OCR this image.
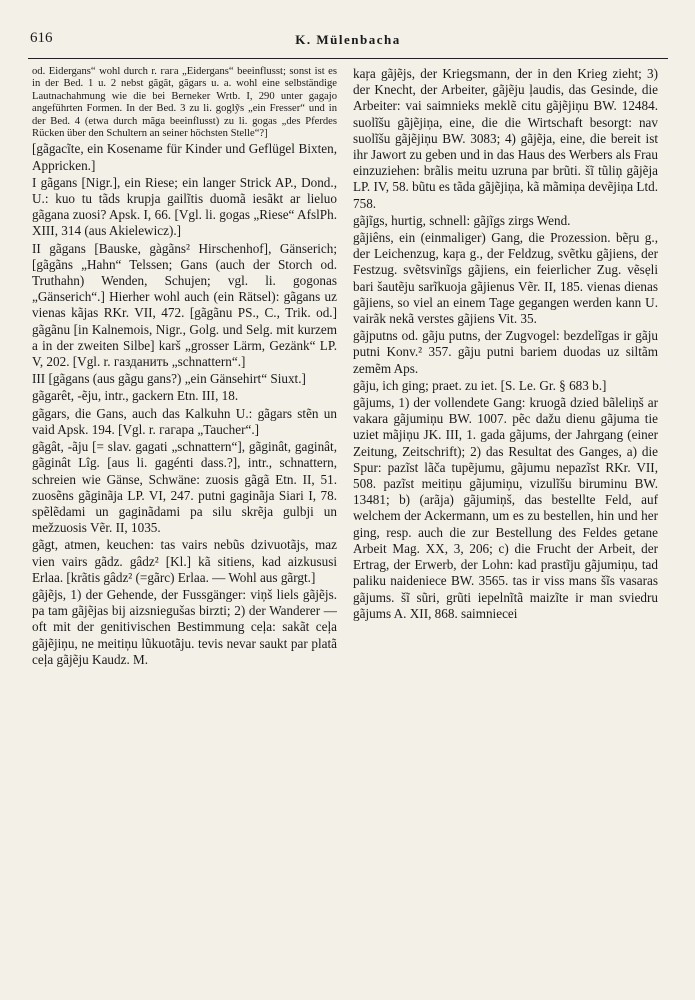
616	K. Mülenbacha

od. Eidergans“ wohl durch r. гага „Eidergans“ beeinflusst; sonst ist es in der Bed. 1 u. 2 nebst gãgãt, gãgars u. a. wohl eine selbständige Lautnachahmung wie die bei Berneker Wrtb. I, 290 unter gagajo angeführten Formen. In der Bed. 3 zu li. goglỹs „ein Fresser“ und in der Bed. 4 (etwa durch mãga beeinflusst) zu li. gogas „des Pferdes Rücken über den Schultern an seiner höchsten Stelle“?]

[gãgacĩte, ein Kosename für Kinder und Geflügel Bixten, Appricken.]

I gãgans [Nigr.], ein Riese; ein langer Strick AP., Dond., U.: kuo tu tãds krupja gailĩtis duomã iesãkt ar lieluo gãgana zuosi? Apsk. I, 66. [Vgl. li. gogas „Riese“ AfslPh. XIII, 314 (aus Akielewicz).]

II gãgans [Bauske, gàgãns² Hirschenhof], Gänserich; [gãgãns „Hahn“ Telssen; Gans (auch der Storch od. Truthahn) Wenden, Schujen; vgl. li. gogonas „Gänserich“.] Hierher wohl auch (ein Rätsel): gãgans uz vienas kãjas RKr. VII, 472. [gãgãnu PS., C., Trik. od.] gãgãnu [in Kalnemois, Nigr., Golg. und Selg. mit kurzem a in der zweiten Silbe] karš „grosser Lärm, Gezänk“ LP. V, 202. [Vgl. r. газданить „schnattern“.]

III [gãgans (aus gãgu gans?) „ein Gänsehirt“ Siuxt.]

gãgarêt, -ẽju, intr., gackern Etn. III, 18.

gãgars, die Gans, auch das Kalkuhn U.: gãgars stẽn un vaid Apsk. 194. [Vgl. r. гагара „Taucher“.]

gãgât, -ãju [= slav. gagati „schnattern“], gãginât, gaginât, gãginât Lîg. [aus li. gagénti dass.?], intr., schnattern, schreien wie Gänse, Schwäne: zuosis gãgã Etn. II, 51. zuosẽns gãginãja LP. VI, 247. putni gaginãja Siari I, 78. spẽlẽdami un gaginãdami pa silu skrẽja gulbji un mežzuosis Vẽr. II, 1035.

gãgt, atmen, keuchen: tas vairs nebũs dzivuotãjs, maz vien vairs gãdz. gâdz² [Kl.] kã sitiens, kad aizkususi Erlaa. [krãtis gâdz² (=gãrc) Erlaa. — Wohl aus gãrgt.]

gãjẽjs, 1) der Gehende, der Fussgänger: viņš liels gãjẽjs. pa tam gãjẽjas bij aizsniegušas birzti; 2) der Wanderer — oft mit der genitivischen Bestimmung ceļa: sakãt ceļa gãjẽjiņu, ne meitiņu lũkuotãju. tevis nevar saukt par platã ceļa gãjẽju Kaudz. M.

kaŗa gãjẽjs, der Kriegsmann, der in den Krieg zieht; 3) der Knecht, der Arbeiter, gãjẽju ļaudis, das Gesinde, die Arbeiter: vai saimnieks meklẽ citu gãjẽjiņu BW. 12484. suolĩšu gãjẽjiņa, eine, die die Wirtschaft besorgt: nav suolĩšu gãjẽjiņu BW. 3083; 4) gãjẽja, eine, die bereit ist ihr Jawort zu geben und in das Haus des Werbers als Frau einzuziehen: brãlis meitu uzruna par brũti. šĩ tũliņ gãjẽja LP. IV, 58. bũtu es tãda gãjẽjiņa, kã mãmiņa devẽjiņa Ltd. 758.

gãjĩgs, hurtig, schnell: gãjĩgs zirgs Wend.

gãjiêns, ein (einmaliger) Gang, die Prozession. bẽŗu g., der Leichenzug, kaŗa g., der Feldzug, svẽtku gãjiens, der Festzug. svẽtsvinĩgs gãjiens, ein feierlicher Zug. vẽsẹli bari šautẽju sarĩkuoja gãjienus Vẽr. II, 185. vienas dienas gãjiens, so viel an einem Tage gegangen werden kann U. vairãk nekã verstes gãjiens Vit. 35.

gãjputns od. gãju putns, der Zugvogel: bezdelĩgas ir gãju putni Konv.² 357. gãju putni bariem duodas uz siltãm zemẽm Aps.

gãju, ich ging; praet. zu iet. [S. Le. Gr. § 683 b.]

gãjums, 1) der vollendete Gang: kruogã dzied bãleliņš ar vakara gãjumiņu BW. 1007. pẽc dažu dienu gãjuma tie uziet mãjiņu JK. III, 1. gada gãjums, der Jahrgang (einer Zeitung, Zeitschrift); 2) das Resultat des Ganges, a) die Spur: pazĩst lãča tupẽjumu, gãjumu nepazĩst RKr. VII, 508. pazĩst meitiņu gãjumiņu, vizulĩšu biruminu BW. 13481; b) (arãja) gãjumiņš, das bestellte Feld, auf welchem der Ackermann, um es zu bestellen, hin und her ging, resp. auch die zur Bestellung des Feldes getane Arbeit Mag. XX, 3, 206; c) die Frucht der Arbeit, der Ertrag, der Erwerb, der Lohn: kad prastĩju gãjumiņu, tad paliku naideniece BW. 3565. tas ir viss mans šĩs vasaras gãjums. šĩ sũri, grũti iepelnĩtã maizĩte ir man sviedru gãjums A. XII, 868. saimniecei
